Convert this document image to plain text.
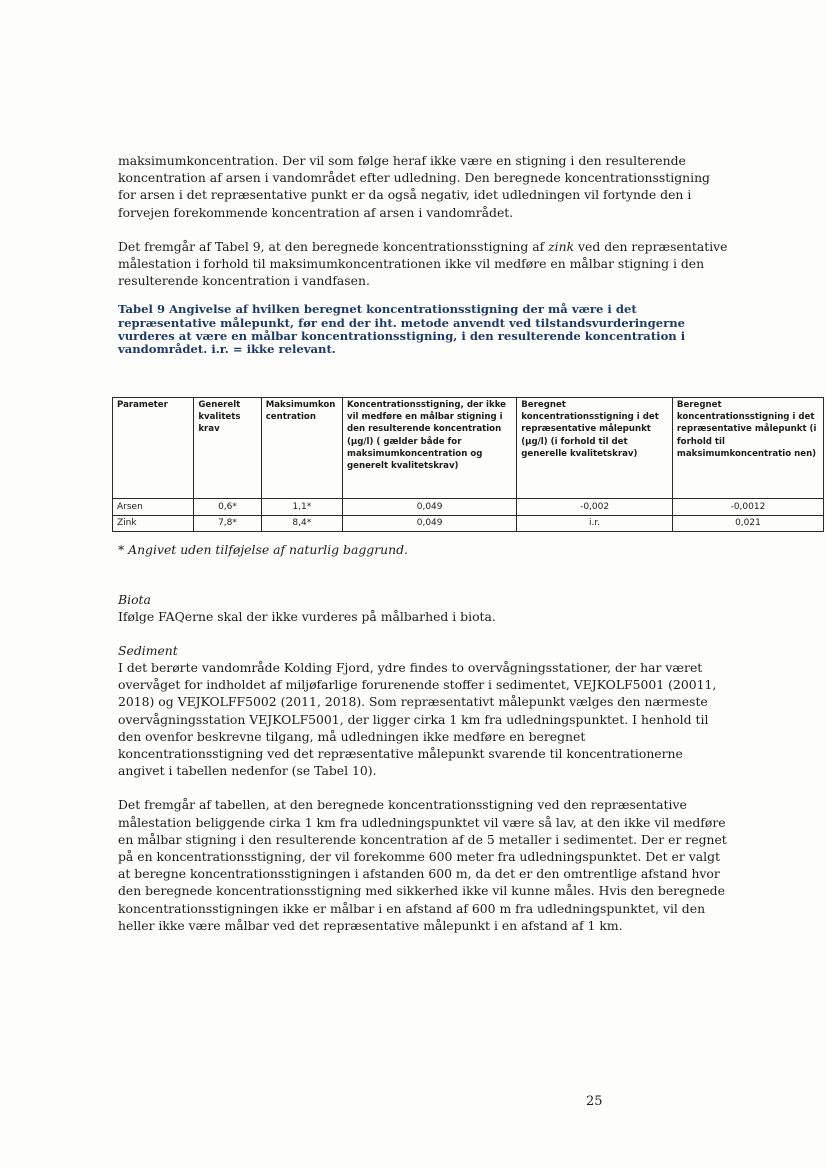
maksimumkoncentration. Der vil som følge heraf ikke være en stigning i den resulterende koncentration af arsen i vandområdet efter udledning. Den beregnede koncentrationsstigning for arsen i det repræsentative punkt er da også negativ, idet udledningen vil fortynde den i forvejen forekommende koncentration af arsen i vandområdet.

Det fremgår af Tabel 9, at den beregnede koncentrationsstigning af zink ved den repræsentative målestation i forhold til maksimumkoncentrationen ikke vil medføre en målbar stigning i den resulterende koncentration i vandfasen.

Tabel 9 Angivelse af hvilken beregnet koncentrationsstigning der må være i det repræsentative målepunkt, før end der iht. metode anvendt ved tilstandsvurderingerne vurderes at være en målbar koncentrationsstigning, i den resulterende koncentration i vandområdet. i.r. = ikke relevant.

Parameter	Generelt kvalitets krav	Maksimumkon centration	Koncentrationsstigning, der ikke vil medføre en målbar stigning i den resulterende koncentration (µg/l) ( gælder både for maksimumkoncentration og generelt kvalitetskrav)	Beregnet koncentrationsstigning i det repræsentative målepunkt (µg/l) (i forhold til det generelle kvalitetskrav)	Beregnet koncentrationsstigning i det repræsentative målepunkt (i forhold til maksimumkoncentratio nen)
Arsen	0,6*	1,1*	0,049	-0,002	-0,0012
Zink	7,8*	8,4*	0,049	i.r.	0,021
* Angivet uden tilføjelse af naturlig baggrund.
Biota

Ifølge FAQerne skal der ikke vurderes på målbarhed i biota.

Sediment

I det berørte vandområde Kolding Fjord, ydre findes to overvågningsstationer, der har været overvåget for indholdet af miljøfarlige forurenende stoffer i sedimentet, VEJKOLF5001 (20011, 2018) og VEJKOLFF5002 (2011, 2018). Som repræsentativt målepunkt vælges den nærmeste overvågningsstation VEJKOLF5001, der ligger cirka 1 km fra udledningspunktet. I henhold til den ovenfor beskrevne tilgang, må udledningen ikke medføre en beregnet koncentrationsstigning ved det repræsentative målepunkt svarende til koncentrationerne angivet i tabellen nedenfor (se Tabel 10).

Det fremgår af tabellen, at den beregnede koncentrationsstigning ved den repræsentative målestation beliggende cirka 1 km fra udledningspunktet vil være så lav, at den ikke vil medføre en målbar stigning i den resulterende koncentration af de 5 metaller i sedimentet. Der er regnet på en koncentrationsstigning, der vil forekomme 600 meter fra udledningspunktet. Det er valgt at beregne koncentrationsstigningen i afstanden 600 m, da det er den omtrentlige afstand hvor den beregnede koncentrationsstigning med sikkerhed ikke vil kunne måles. Hvis den beregnede koncentrationsstigningen ikke er målbar i en afstand af 600 m fra udledningspunktet, vil den heller ikke være målbar ved det repræsentative målepunkt i en afstand af 1 km.

25
